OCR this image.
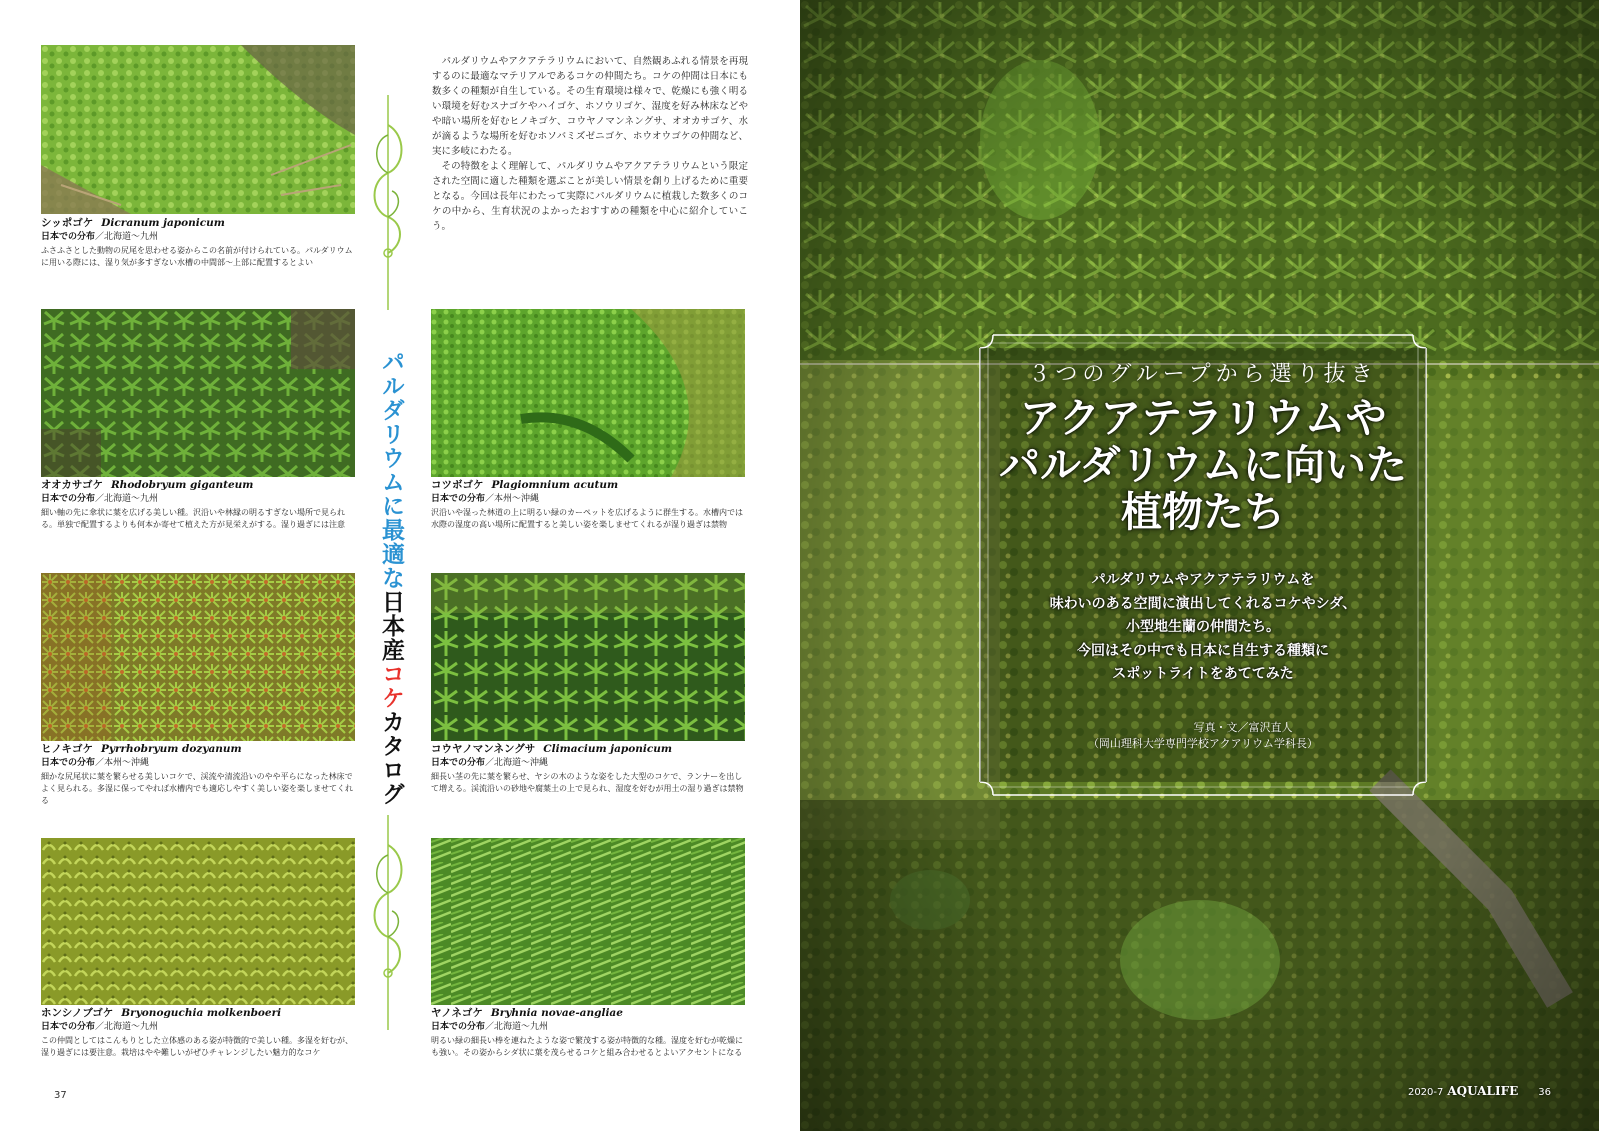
シッポゴケ Dicranum japonicum
日本での分布／北海道〜九州
ふさふさとした動物の尻尾を思わせる姿からこの名前が付けられている。パルダリウムに用いる際には、湿り気が多すぎない水槽の中間部〜上部に配置するとよい

パルダリウムやアクアテラリウムにおいて、自然観あふれる情景を再現するのに最適なマテリアルであるコケの仲間たち。コケの仲間は日本にも数多くの種類が自生している。その生育環境は様々で、乾燥にも強く明るい環境を好むスナゴケやハイゴケ、ホソウリゴケ、湿度を好み林床などやや暗い場所を好むヒノキゴケ、コウヤノマンネングサ、オオカサゴケ、水が滴るような場所を好むホソバミズゼニゴケ、ホウオウゴケの仲間など、実に多岐にわたる。

その特徴をよく理解して、パルダリウムやアクアテラリウムという限定された空間に適した種類を選ぶことが美しい情景を創り上げるために重要となる。今回は長年にわたって実際にパルダリウムに植栽した数多くのコケの中から、生育状況のよかったおすすめの種類を中心に紹介していこう。

オオカサゴケ Rhodobryum giganteum
日本での分布／北海道〜九州
細い軸の先に傘状に葉を広げる美しい種。沢沿いや林縁の明るすぎない場所で見られる。単独で配置するよりも何本か寄せて植えた方が見栄えがする。湿り過ぎには注意
コツボゴケ Plagiomnium acutum
日本での分布／本州〜沖縄
沢沿いや湿った林道の上に明るい緑のカーペットを広げるように群生する。水槽内では水際の湿度の高い場所に配置すると美しい姿を楽しませてくれるが湿り過ぎは禁物
ヒノキゴケ Pyrrhobryum dozyanum
日本での分布／本州〜沖縄
細かな尻尾状に葉を繁らせる美しいコケで、渓流や清流沿いのやや平らになった林床でよく見られる。多湿に保ってやれば水槽内でも適応しやすく美しい姿を楽しませてくれる
コウヤノマンネングサ Climacium japonicum
日本での分布／北海道〜沖縄
細長い茎の先に葉を繁らせ、ヤシの木のような姿をした大型のコケで、ランナーを出して増える。渓流沿いの砂地や腐葉土の上で見られ、湿度を好むが用土の湿り過ぎは禁物
ホンシノブゴケ Bryonoguchia molkenboeri
日本での分布／北海道〜九州
この仲間としてはこんもりとした立体感のある姿が特徴的で美しい種。多湿を好むが、湿り過ぎには要注意。栽培はやや難しいがぜひチャレンジしたい魅力的なコケ
ヤノネゴケ Bryhnia novae-angliae
日本での分布／北海道〜九州
明るい緑の細長い棒を連ねたような姿で繁茂する姿が特徴的な種。湿度を好むが乾燥にも強い。その姿からシダ状に葉を茂らせるコケと組み合わせるとよいアクセントになる
パルダリウムに最適な日本産コケカタログ
37
３つのグループから選り抜き
アクアテラリウムや
パルダリウムに向いた
植物たち
パルダリウムやアクアテラリウムを
味わいのある空間に演出してくれるコケやシダ、
小型地生蘭の仲間たち。
今回はその中でも日本に自生する種類に
スポットライトをあててみた
写真・文／富沢直人
（岡山理科大学専門学校アクアリウム学科長）
2020-7 AQUALIFE 36
